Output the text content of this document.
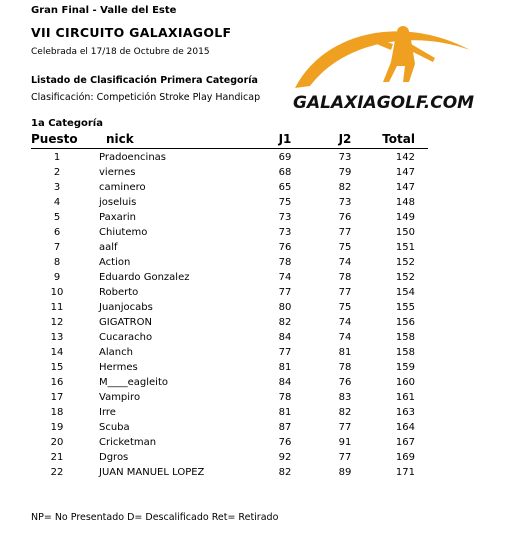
Gran Final - Valle del Este
VII CIRCUITO GALAXIAGOLF
Celebrada el 17/18 de Octubre de 2015
Listado de Clasificación Primera Categoría
Clasificación: Competición Stroke Play Handicap GALAXIAGOLF.COM
1a Categoría
Puesto nick	J1	J2	Total
1	Pradoencinas	69	73	142
2	viernes	68	79	147
3	caminero	65	82	147
4	joseluis	75	73	148
5	Paxarin	73	76	149
6	Chiutemo	73	77	150
7	aalf	76	75	151
8	Action	78	74	152
9	Eduardo Gonzalez	74	78	152
10	Roberto	77	77	154
11	Juanjocabs	80	75	155
12	GIGATRON	82	74	156
13	Cucaracho	84	74	158
14	Alanch	77	81	158
15	Hermes	81	78	159
16	M____eagleito	84	76	160
17	Vampiro	78	83	161
18	Irre	81	82	163
19	Scuba	87	77	164
20	Cricketman	76	91	167
21	Dgros	92	77	169
22	JUAN MANUEL LOPEZ	82	89	171
NP= No Presentado D= Descalificado Ret= Retirado
